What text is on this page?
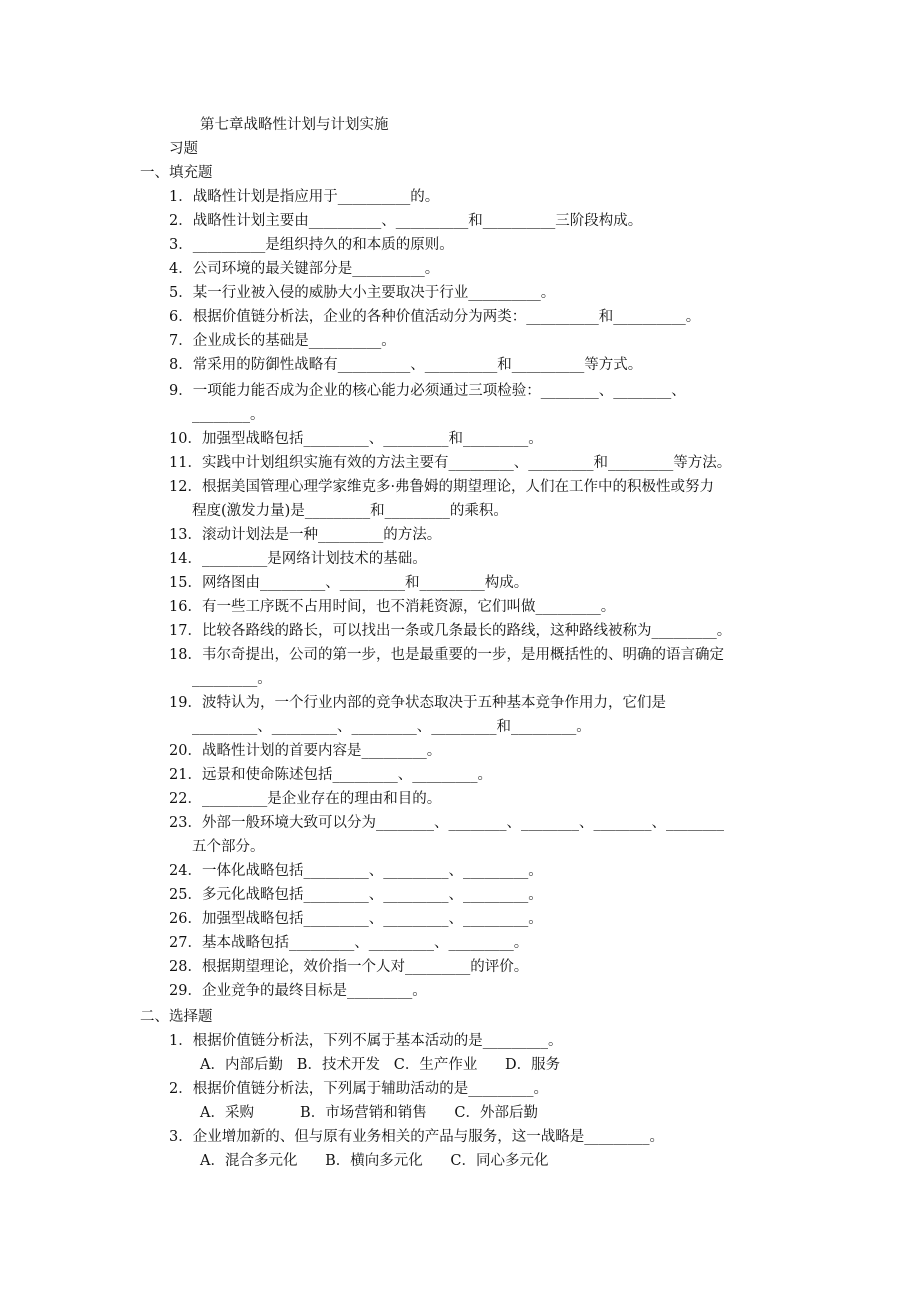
第七章战略性计划与计划实施
习题
一、填充题
1．战略性计划是指应用于__________的。
2．战略性计划主要由__________、__________和__________三阶段构成。
3．__________是组织持久的和本质的原则。
4．公司环境的最关键部分是__________。
5．某一行业被入侵的威胁大小主要取决于行业__________。
6．根据价值链分析法，企业的各种价值活动分为两类：__________和__________。
7．企业成长的基础是__________。
8．常采用的防御性战略有__________、__________和__________等方式。
9．一项能力能否成为企业的核心能力必须通过三项检验：________、________、
________。
10．加强型战略包括_________、_________和_________。
11．实践中计划组织实施有效的方法主要有_________、_________和_________等方法。
12．根据美国管理心理学家维克多·弗鲁姆的期望理论，人们在工作中的积极性或努力
程度(激发力量)是_________和_________的乘积。
13．滚动计划法是一种_________的方法。
14．_________是网络计划技术的基础。
15．网络图由_________、_________和_________构成。
16．有一些工序既不占用时间，也不消耗资源，它们叫做_________。
17．比较各路线的路长，可以找出一条或几条最长的路线，这种路线被称为_________。
18．韦尔奇提出，公司的第一步，也是最重要的一步，是用概括性的、明确的语言确定
_________。
19．波特认为，一个行业内部的竞争状态取决于五种基本竞争作用力，它们是
_________、_________、_________、_________和_________。
20．战略性计划的首要内容是_________。
21．远景和使命陈述包括_________、_________。
22．_________是企业存在的理由和目的。
23．外部一般环境大致可以分为________、________、________、________、________
五个部分。
24．一体化战略包括_________、_________、_________。
25．多元化战略包括_________、_________、_________。
26．加强型战略包括_________、_________、_________。
27．基本战略包括_________、_________、_________。
28．根据期望理论，效价指一个人对_________的评价。
29．企业竞争的最终目标是_________。
二、选择题
1．根据价值链分析法，下列不属于基本活动的是_________。
A．内部后勤   B．技术开发   C．生产作业      D．服务
2．根据价值链分析法，下列属于辅助活动的是_________。
A．采购          B．市场营销和销售      C．外部后勤
3．企业增加新的、但与原有业务相关的产品与服务，这一战略是_________。
A．混合多元化      B．横向多元化      C．同心多元化
